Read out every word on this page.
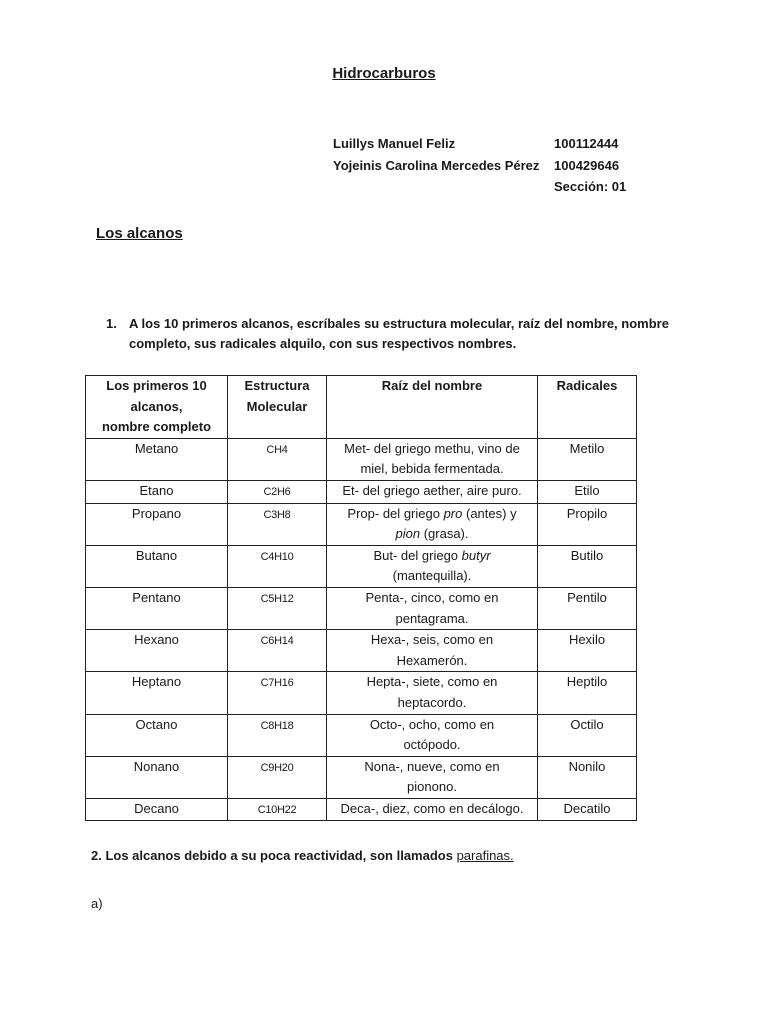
Hidrocarburos
Luillys Manuel Feliz	100112444
Yojeinis Carolina Mercedes Pérez 100429646
Sección: 01
Los alcanos
1. A los 10 primeros alcanos, escríbales su estructura molecular, raíz del nombre, nombre
completo, sus radicales alquilo, con sus respectivos nombres.
Los primeros 10
alcanos,
nombre completo	Estructura
Molecular	Raíz del nombre	Radicales

Metano	CH4	Met- del griego methu, vino de
miel, bebida fermentada.	Metilo
Etano	C2H6	Et- del griego aether, aire puro.	Etilo
Propano	C3H8	Prop- del griego pro (antes) y
pion (grasa).	Propilo
Butano	C4H10	But- del griego butyr
(mantequilla).	Butilo
Pentano	C5H12	Penta-, cinco, como en
pentagrama.	Pentilo
Hexano	C6H14	Hexa-, seis, como en
Hexamerón.	Hexilo
Heptano	C7H16	Hepta-, siete, como en
heptacordo.	Heptilo
Octano	C8H18	Octo-, ocho, como en
octópodo.	Octilo
Nonano	C9H20	Nona-, nueve, como en
pionono.	Nonilo
Decano	C10H22	Deca-, diez, como en decálogo.	Decatilo
2. Los alcanos debido a su poca reactividad, son llamados parafinas.
a)
